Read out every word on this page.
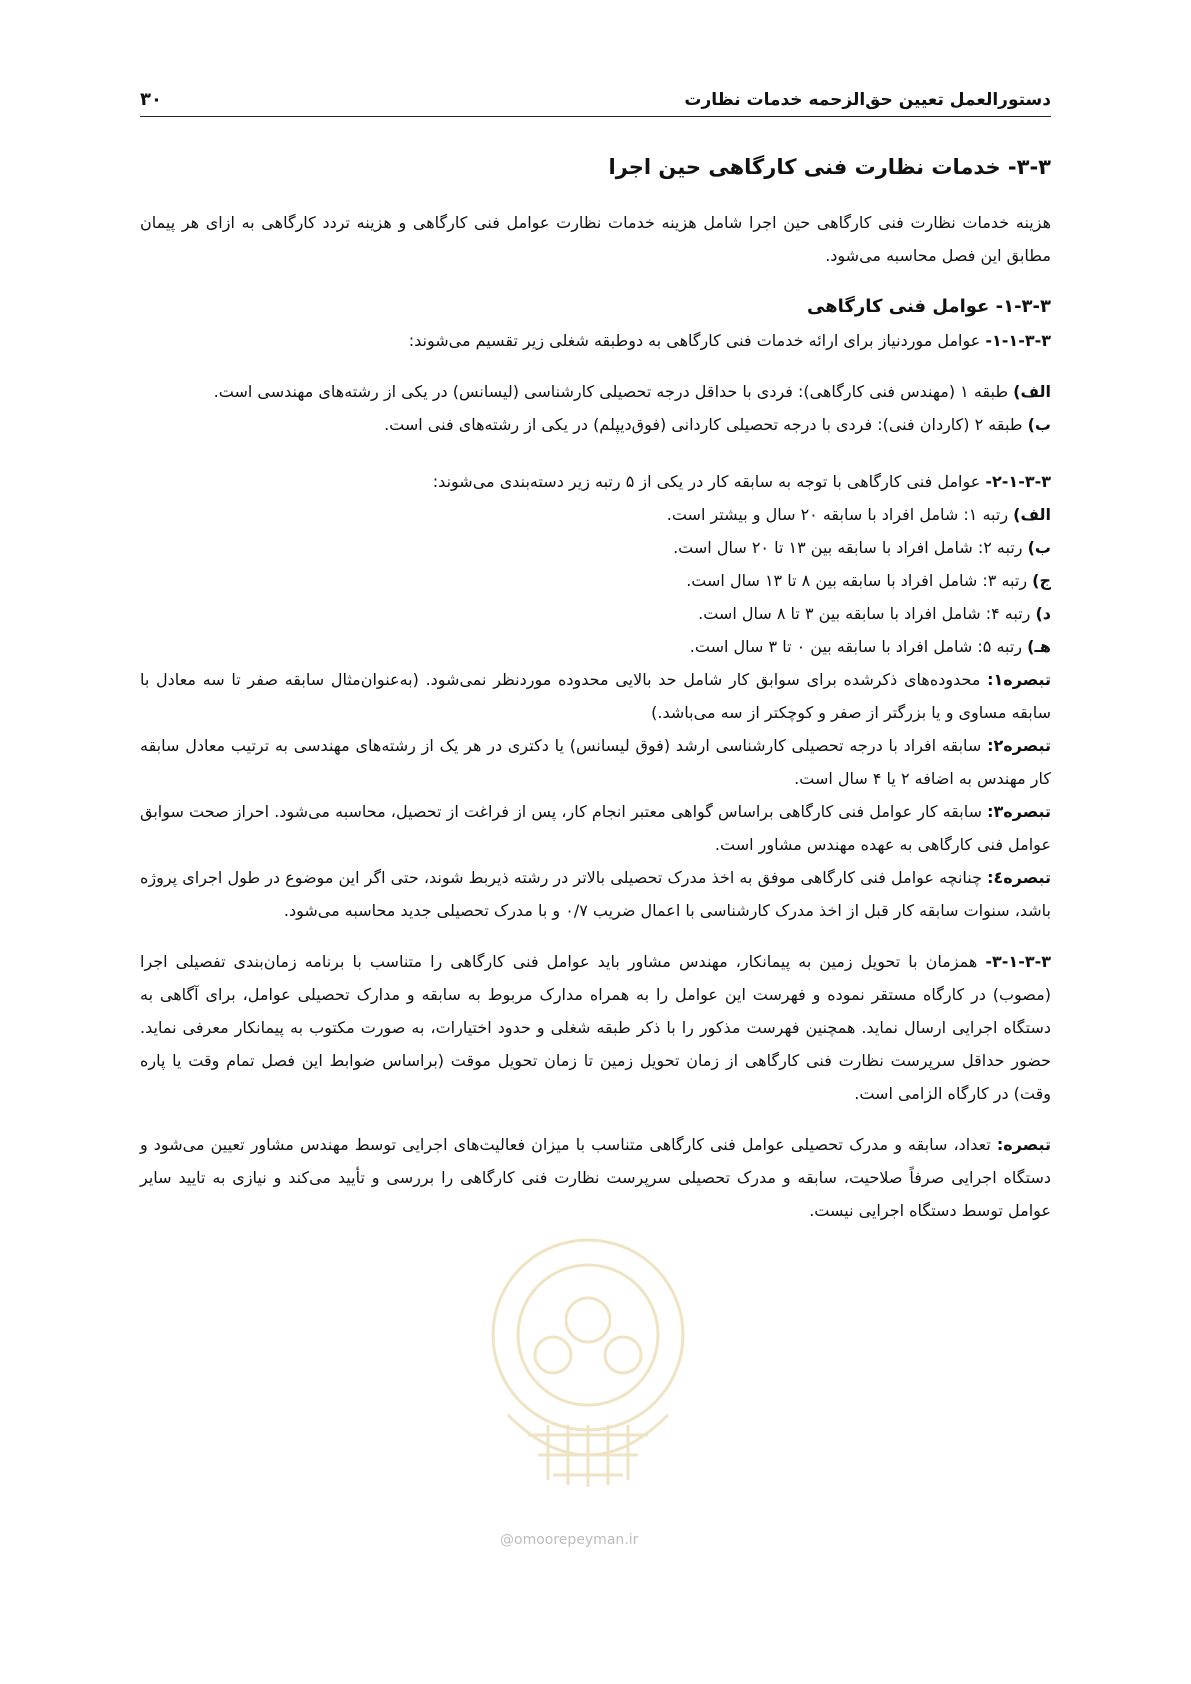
دستورالعمل تعیین حق‌الزحمه خدمات نظارت
۳۰
۳-۳- خدمات نظارت فنی کارگاهی حین اجرا

هزینه خدمات نظارت فنی کارگاهی حین اجرا شامل هزینه خدمات نظارت عوامل فنی کارگاهی و هزینه تردد کارگاهی به ازای هر پیمان مطابق این فصل محاسبه می‌شود.

۱-۳-۳- عوامل فنی کارگاهی

۱-۱-۳-۳- عوامل موردنیاز برای ارائه خدمات فنی کارگاهی به دوطبقه شغلی زیر تقسیم می‌شوند:

الف) طبقه ۱ (مهندس فنی کارگاهی): فردی با حداقل درجه تحصیلی کارشناسی (لیسانس) در یکی از رشته‌های مهندسی است.

ب) طبقه ۲ (کاردان فنی): فردی با درجه تحصیلی کاردانی (فوق‌دیپلم) در یکی از رشته‌های فنی است.

۲-۱-۳-۳- عوامل فنی کارگاهی با توجه به سابقه کار در یکی از ۵ رتبه زیر دسته‌بندی می‌شوند:

الف) رتبه ۱: شامل افراد با سابقه ۲۰ سال و بیشتر است.

ب) رتبه ۲: شامل افراد با سابقه بین ۱۳ تا ۲۰ سال است.

ج) رتبه ۳: شامل افراد با سابقه بین ۸ تا ۱۳ سال است.

د) رتبه ۴: شامل افراد با سابقه بین ۳ تا ۸ سال است.

هـ) رتبه ۵: شامل افراد با سابقه بین ۰ تا ۳ سال است.

تبصره۱: محدوده‌های ذکرشده برای سوابق کار شامل حد بالایی محدوده موردنظر نمی‌شود. (به‌عنوان‌مثال سابقه صفر تا سه معادل با سابقه مساوی و یا بزرگتر از صفر و کوچکتر از سه می‌باشد.)

تبصره۲: سابقه افراد با درجه تحصیلی کارشناسی ارشد (فوق لیسانس) یا دکتری در هر یک از رشته‌های مهندسی به ترتیب معادل سابقه کار مهندس به اضافه ۲ یا ۴ سال است.

تبصره۳: سابقه کار عوامل فنی کارگاهی براساس گواهی معتبر انجام کار، پس از فراغت از تحصیل، محاسبه می‌شود. احراز صحت سوابق عوامل فنی کارگاهی به عهده مهندس مشاور است.

تبصره٤: چنانچه عوامل فنی کارگاهی موفق به اخذ مدرک تحصیلی بالاتر در رشته ذیربط شوند، حتی اگر این موضوع در طول اجرای پروژه باشد، سنوات سابقه کار قبل از اخذ مدرک کارشناسی با اعمال ضریب ۰/۷ و با مدرک تحصیلی جدید محاسبه می‌شود.

۳-۱-۳-۳- همزمان با تحویل زمین به پیمانکار، مهندس مشاور باید عوامل فنی کارگاهی را متناسب با برنامه زمان‌بندی تفصیلی اجرا (مصوب) در کارگاه مستقر نموده و فهرست این عوامل را به همراه مدارک مربوط به سابقه و مدارک تحصیلی عوامل، برای آگاهی به دستگاه اجرایی ارسال نماید. همچنین فهرست مذکور را با ذکر طبقه شغلی و حدود اختیارات، به صورت مکتوب به پیمانکار معرفی نماید. حضور حداقل سرپرست نظارت فنی کارگاهی از زمان تحویل زمین تا زمان تحویل موقت (براساس ضوابط این فصل تمام وقت یا پاره وقت) در کارگاه الزامی است.

تبصره: تعداد، سابقه و مدرک تحصیلی عوامل فنی کارگاهی متناسب با میزان فعالیت‌های اجرایی توسط مهندس مشاور تعیین می‌شود و دستگاه اجرایی صرفاً صلاحیت، سابقه و مدرک تحصیلی سرپرست نظارت فنی کارگاهی را بررسی و تأیید می‌کند و نیازی به تایید سایر عوامل توسط دستگاه اجرایی نیست.

@omoorepeyman.ir
